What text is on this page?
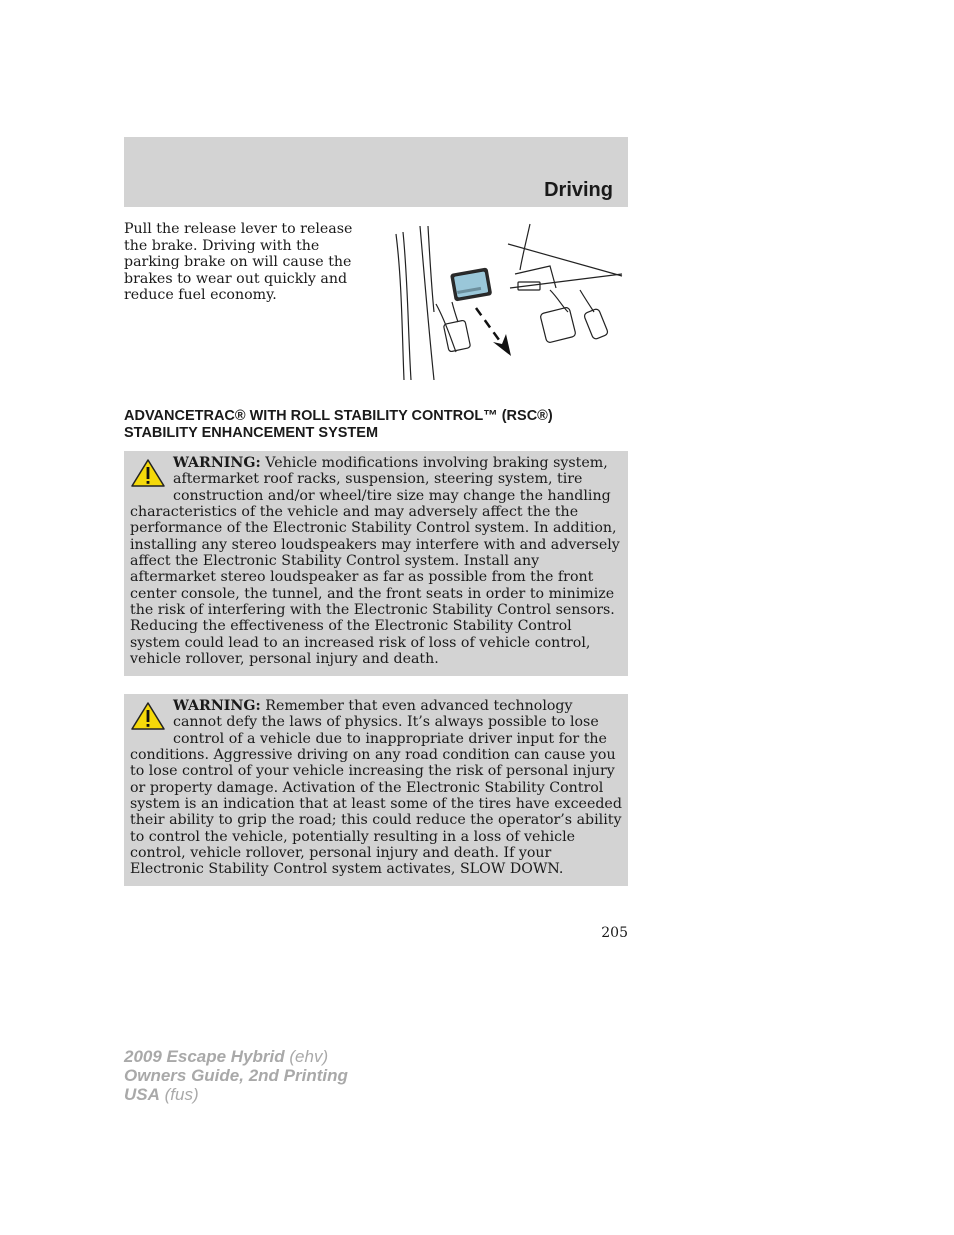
Driving
Pull the release lever to release the brake. Driving with the parking brake on will cause the brakes to wear out quickly and reduce fuel economy.
ADVANCETRAC® WITH ROLL STABILITY CONTROL™ (RSC®)
STABILITY ENHANCEMENT SYSTEM
WARNING: Vehicle modifications involving braking system, aftermarket roof racks, suspension, steering system, tire construction and/or wheel/tire size may change the handling characteristics of the vehicle and may adversely affect the the performance of the Electronic Stability Control system. In addition, installing any stereo loudspeakers may interfere with and adversely affect the Electronic Stability Control system. Install any aftermarket stereo loudspeaker as far as possible from the front center console, the tunnel, and the front seats in order to minimize the risk of interfering with the Electronic Stability Control sensors. Reducing the effectiveness of the Electronic Stability Control system could lead to an increased risk of loss of vehicle control, vehicle rollover, personal injury and death.
WARNING: Remember that even advanced technology cannot defy the laws of physics. It’s always possible to lose control of a vehicle due to inappropriate driver input for the conditions. Aggressive driving on any road condition can cause you to lose control of your vehicle increasing the risk of personal injury or property damage. Activation of the Electronic Stability Control system is an indication that at least some of the tires have exceeded their ability to grip the road; this could reduce the operator’s ability to control the vehicle, potentially resulting in a loss of vehicle control, vehicle rollover, personal injury and death. If your Electronic Stability Control system activates, SLOW DOWN.
205
2009 Escape Hybrid (ehv)
Owners Guide, 2nd Printing
USA (fus)
